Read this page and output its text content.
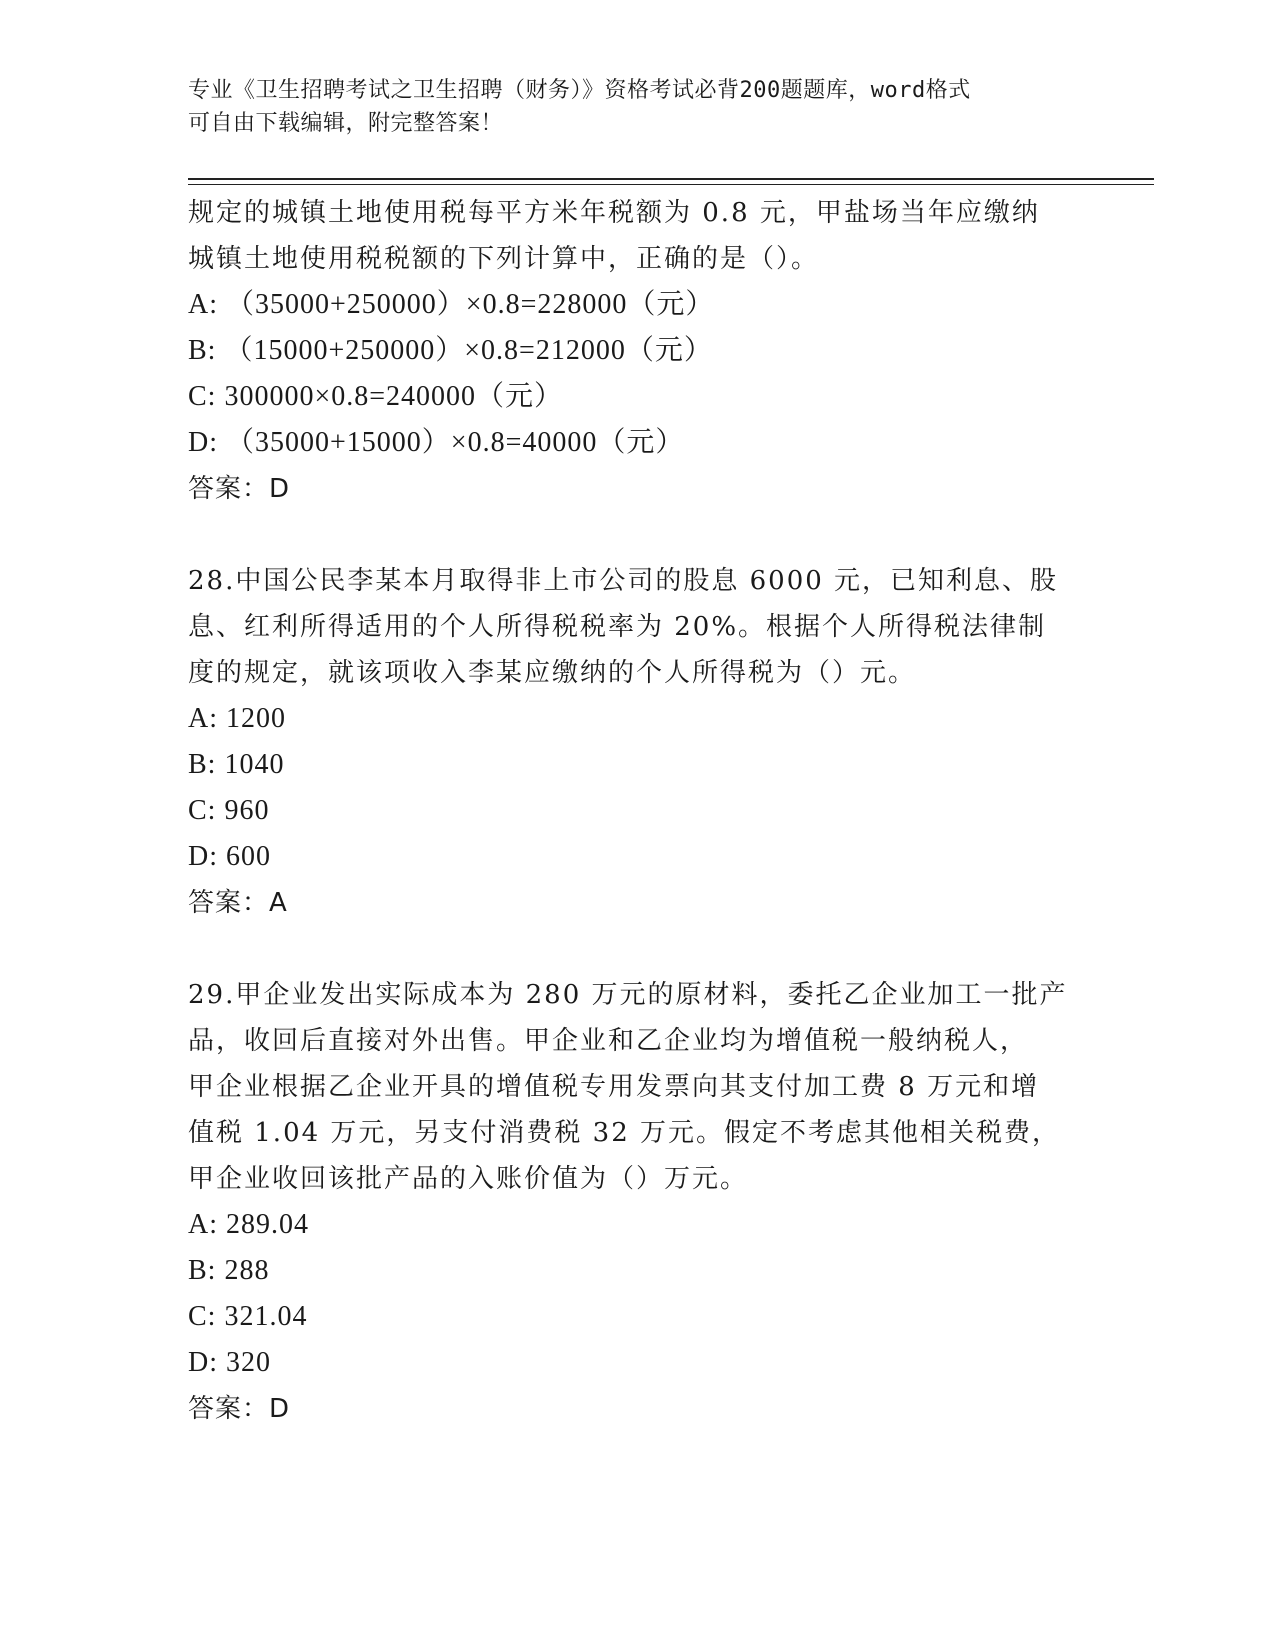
专业《卫生招聘考试之卫生招聘（财务）》资格考试必背200题题库，word格式
可自由下载编辑，附完整答案！

规定的城镇土地使用税每平方米年税额为 0.8 元，甲盐场当年应缴纳

城镇土地使用税税额的下列计算中，正确的是（）。

A: （35000+250000）×0.8=228000（元）

B: （15000+250000）×0.8=212000（元）

C: 300000×0.8=240000（元）

D: （35000+15000）×0.8=40000（元）

答案：D

28.中国公民李某本月取得非上市公司的股息 6000 元，已知利息、股

息、红利所得适用的个人所得税税率为 20%。根据个人所得税法律制

度的规定，就该项收入李某应缴纳的个人所得税为（）元。

A: 1200

B: 1040

C: 960

D: 600

答案：A

29.甲企业发出实际成本为 280 万元的原材料，委托乙企业加工一批产

品，收回后直接对外出售。甲企业和乙企业均为增值税一般纳税人，

甲企业根据乙企业开具的增值税专用发票向其支付加工费 8 万元和增

值税 1.04 万元，另支付消费税 32 万元。假定不考虑其他相关税费，

甲企业收回该批产品的入账价值为（）万元。

A: 289.04

B: 288

C: 321.04

D: 320

答案：D
